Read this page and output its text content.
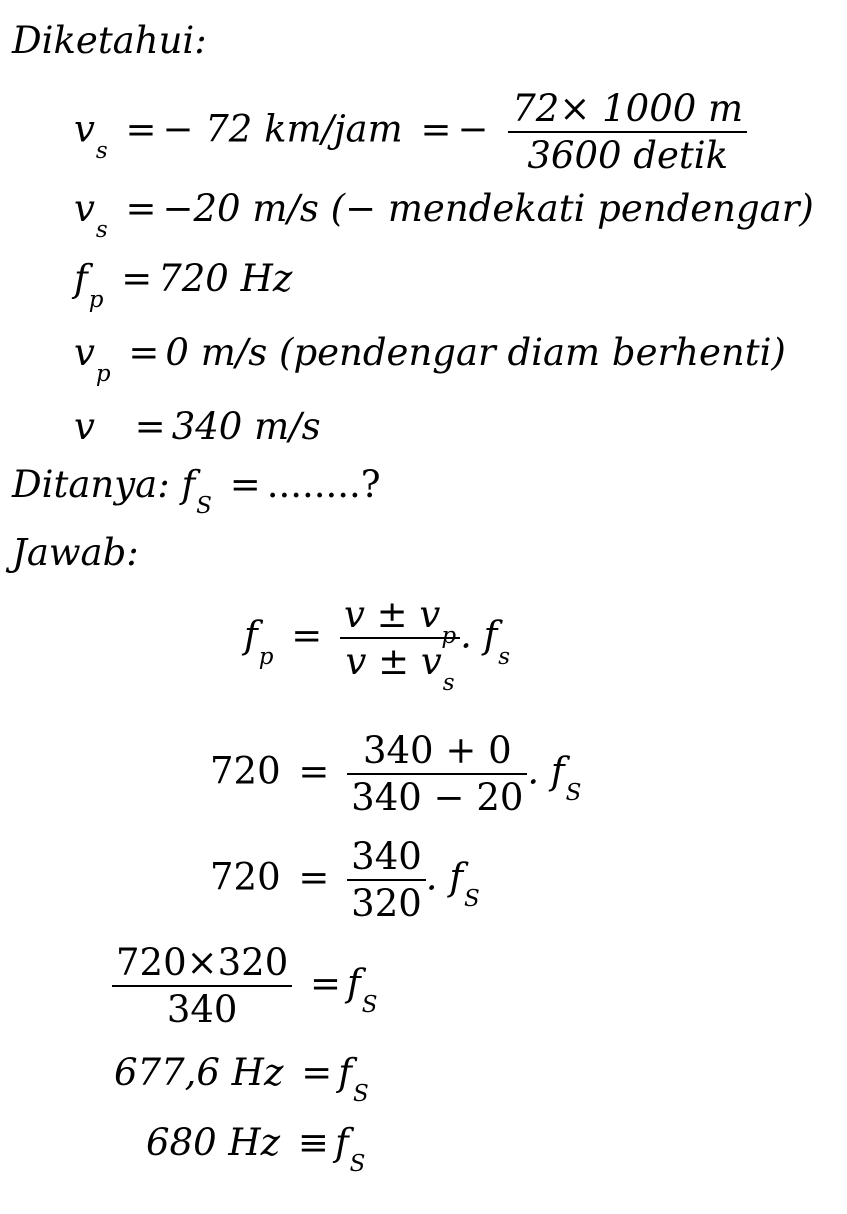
Diketahui:
$v_s$ = − 72 km/jam = − $\frac{72\times 1000 m}{\text{3600 detik}}$
$v_s = -20$ m/s (− mendekati pendengar)
$f_p = 720$ Hz
$v_p = 0$ m/s (pendengar diam berhenti)
v = 340 m/s
Ditanya: $f_S$ = ........?
Jawab:
$f_p = \frac{v \pm v_p}{v \pm v_s}$ . $f_s$
$720 = \frac{340 + 0}{340 - 20}$ . $f_S$
$720 = \frac{340}{320}$ . $f_S$
$\frac{720\times 320}{340} = f_S$
677,6 $Hz = f_S$
680 $Hz \equiv f_S$
